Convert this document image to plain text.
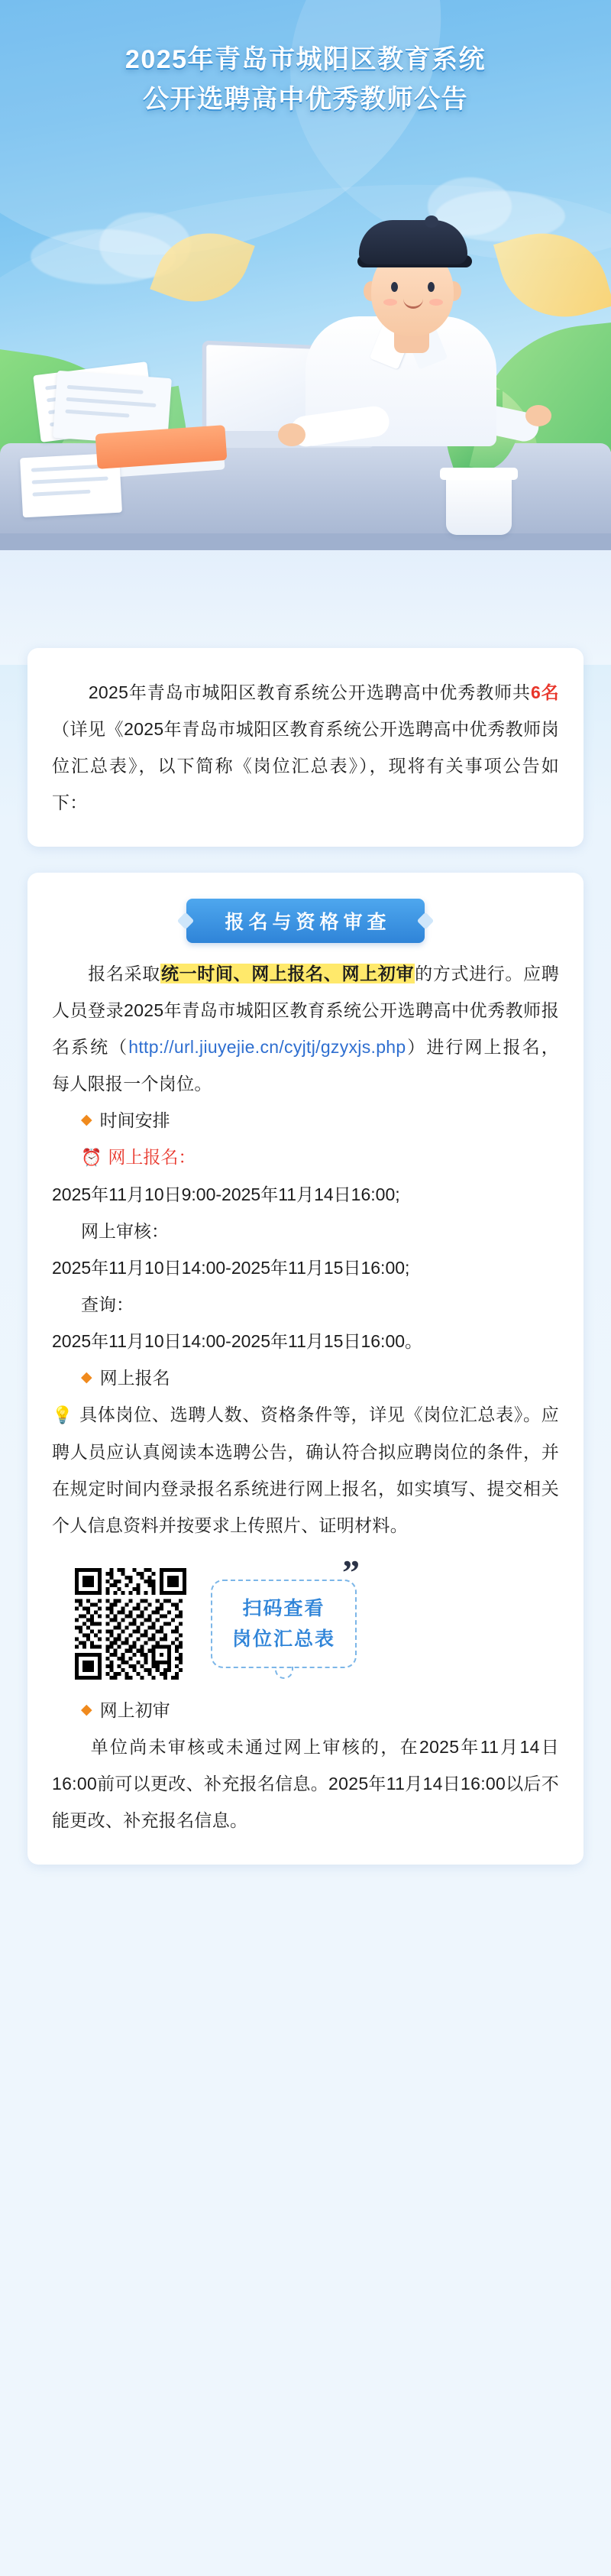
2025年青岛市城阳区教育系统
公开选聘高中优秀教师公告

　　2025年青岛市城阳区教育系统公开选聘高中优秀教师共6名（详见《2025年青岛市城阳区教育系统公开选聘高中优秀教师岗位汇总表》，以下简称《岗位汇总表》），现将有关事项公告如下：

报名与资格审查

　　报名采取统一时间、网上报名、网上初审的方式进行。应聘人员登录2025年青岛市城阳区教育系统公开选聘高中优秀教师报名系统（http://url.jiuyejie.cn/cyjtj/gzyxjs.php）进行网上报名，每人限报一个岗位。

◆ 时间安排
⏰ 网上报名：
2025年11月10日9:00-2025年11月14日16:00;
网上审核：
2025年11月10日14:00-2025年11月15日16:00;
查询：
2025年11月10日14:00-2025年11月15日16:00。
◆ 网上报名

💡 具体岗位、选聘人数、资格条件等，详见《岗位汇总表》。应聘人员应认真阅读本选聘公告，确认符合拟应聘岗位的条件，并在规定时间内登录报名系统进行网上报名，如实填写、提交相关个人信息资料并按要求上传照片、证明材料。

”
扫码查看
岗位汇总表
◆ 网上初审

　　单位尚未审核或未通过网上审核的，在2025年11月14日16:00前可以更改、补充报名信息。2025年11月14日16:00以后不能更改、补充报名信息。
